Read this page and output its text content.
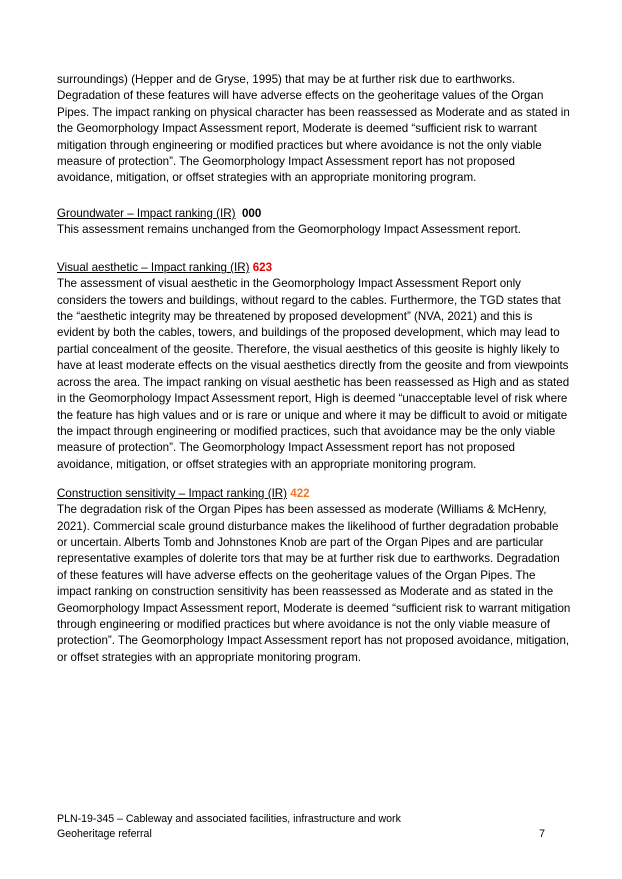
surroundings) (Hepper and de Gryse, 1995) that may be at further risk due to earthworks. Degradation of these features will have adverse effects on the geoheritage values of the Organ Pipes. The impact ranking on physical character has been reassessed as Moderate and as stated in the Geomorphology Impact Assessment report, Moderate is deemed “sufficient risk to warrant mitigation through engineering or modified practices but where avoidance is not the only viable measure of protection”. The Geomorphology Impact Assessment report has not proposed avoidance, mitigation, or offset strategies with an appropriate monitoring program.

Groundwater – Impact ranking (IR) 000

This assessment remains unchanged from the Geomorphology Impact Assessment report.

Visual aesthetic – Impact ranking (IR) 623

The assessment of visual aesthetic in the Geomorphology Impact Assessment Report only considers the towers and buildings, without regard to the cables. Furthermore, the TGD states that the “aesthetic integrity may be threatened by proposed development” (NVA, 2021) and this is evident by both the cables, towers, and buildings of the proposed development, which may lead to partial concealment of the geosite. Therefore, the visual aesthetics of this geosite is highly likely to have at least moderate effects on the visual aesthetics directly from the geosite and from viewpoints across the area. The impact ranking on visual aesthetic has been reassessed as High and as stated in the Geomorphology Impact Assessment report, High is deemed “unacceptable level of risk where the feature has high values and or is rare or unique and where it may be difficult to avoid or mitigate the impact through engineering or modified practices, such that avoidance may be the only viable measure of protection”. The Geomorphology Impact Assessment report has not proposed avoidance, mitigation, or offset strategies with an appropriate monitoring program.

Construction sensitivity – Impact ranking (IR) 422

The degradation risk of the Organ Pipes has been assessed as moderate (Williams & McHenry, 2021). Commercial scale ground disturbance makes the likelihood of further degradation probable or uncertain. Alberts Tomb and Johnstones Knob are part of the Organ Pipes and are particular representative examples of dolerite tors that may be at further risk due to earthworks. Degradation of these features will have adverse effects on the geoheritage values of the Organ Pipes. The impact ranking on construction sensitivity has been reassessed as Moderate and as stated in the Geomorphology Impact Assessment report, Moderate is deemed “sufficient risk to warrant mitigation through engineering or modified practices but where avoidance is not the only viable measure of protection”. The Geomorphology Impact Assessment report has not proposed avoidance, mitigation, or offset strategies with an appropriate monitoring program.

PLN-19-345 – Cableway and associated facilities, infrastructure and work
Geoheritage referral	7
